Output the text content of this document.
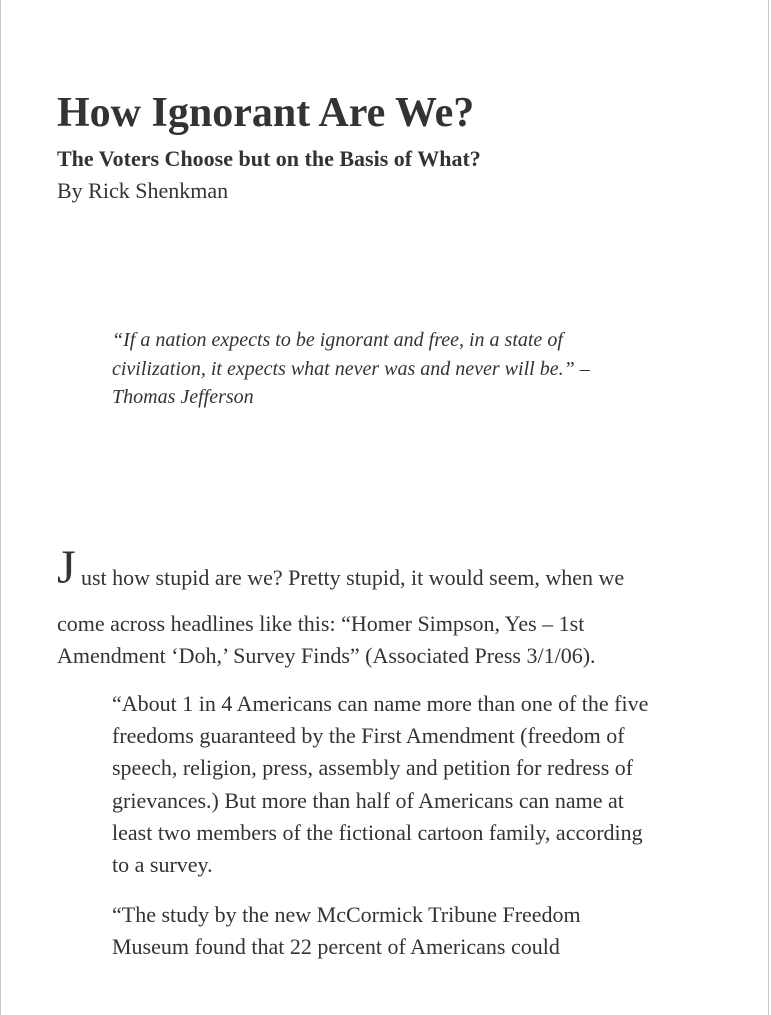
How Ignorant Are We?
The Voters Choose but on the Basis of What?

By Rick Shenkman

“If a nation expects to be ignorant and free, in a state of civilization, it expects what never was and never will be.” – Thomas Jefferson

J ust how stupid are we? Pretty stupid, it would seem, when we
come across headlines like this: “Homer Simpson, Yes – 1st Amendment ‘Doh,’ Survey Finds” (Associated Press 3/1/06).

“About 1 in 4 Americans can name more than one of the five freedoms guaranteed by the First Amendment (freedom of speech, religion, press, assembly and petition for redress of grievances.) But more than half of Americans can name at least two members of the fictional cartoon family, according to a survey.

“The study by the new McCormick Tribune Freedom Museum found that 22 percent of Americans could
